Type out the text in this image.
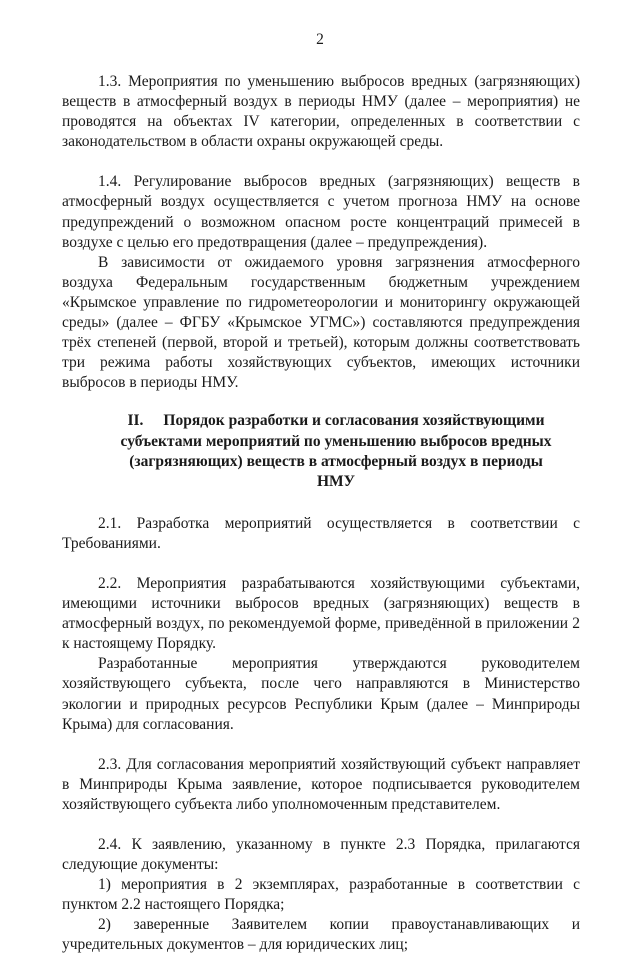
2

1.3. Мероприятия по уменьшению выбросов вредных (загрязняющих) веществ в атмосферный воздух в периоды НМУ (далее – мероприятия) не проводятся на объектах IV категории, определенных в соответствии с законодательством в области охраны окружающей среды.

1.4. Регулирование выбросов вредных (загрязняющих) веществ в атмосферный воздух осуществляется с учетом прогноза НМУ на основе предупреждений о возможном опасном росте концентраций примесей в воздухе с целью его предотвращения (далее – предупреждения).

В зависимости от ожидаемого уровня загрязнения атмосферного воздуха Федеральным государственным бюджетным учреждением «Крымское управление по гидрометеорологии и мониторингу окружающей среды» (далее – ФГБУ «Крымское УГМС») составляются предупреждения трёх степеней (первой, второй и третьей), которым должны соответствовать три режима работы хозяйствующих субъектов, имеющих источники выбросов в периоды НМУ.

II. Порядок разработки и согласования хозяйствующими субъектами мероприятий по уменьшению выбросов вредных (загрязняющих) веществ в атмосферный воздух в периоды НМУ

2.1. Разработка мероприятий осуществляется в соответствии с Требованиями.

2.2. Мероприятия разрабатываются хозяйствующими субъектами, имеющими источники выбросов вредных (загрязняющих) веществ в атмосферный воздух, по рекомендуемой форме, приведённой в приложении 2 к настоящему Порядку.

Разработанные мероприятия утверждаются руководителем хозяйствующего субъекта, после чего направляются в Министерство экологии и природных ресурсов Республики Крым (далее – Минприроды Крыма) для согласования.

2.3. Для согласования мероприятий хозяйствующий субъект направляет в Минприроды Крыма заявление, которое подписывается руководителем хозяйствующего субъекта либо уполномоченным представителем.

2.4. К заявлению, указанному в пункте 2.3 Порядка, прилагаются следующие документы:

1) мероприятия в 2 экземплярах, разработанные в соответствии с пунктом 2.2 настоящего Порядка;

2) заверенные Заявителем копии правоустанавливающих и учредительных документов – для юридических лиц;
